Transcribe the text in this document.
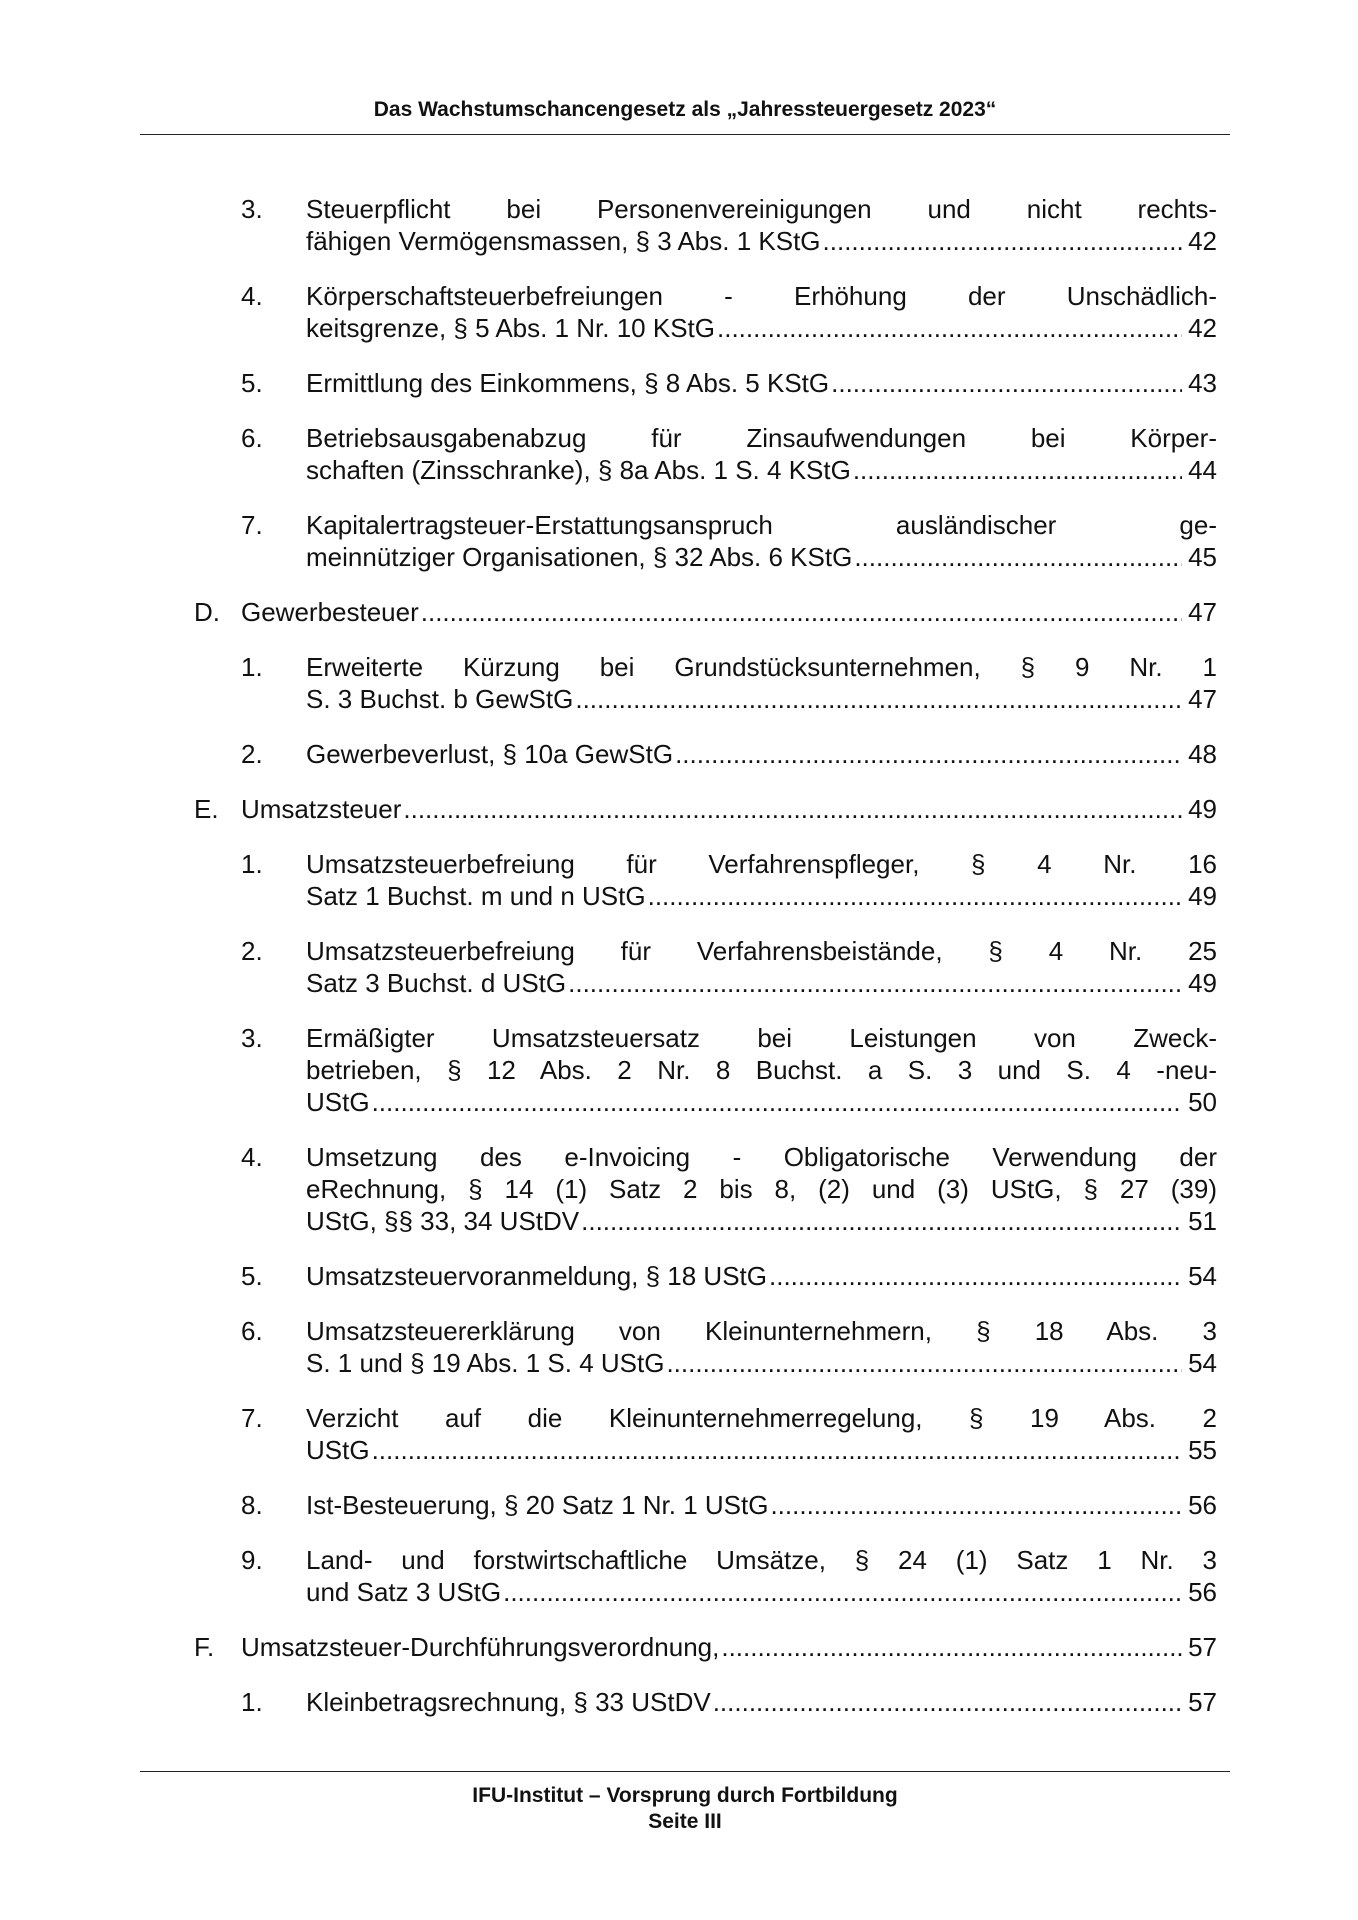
Das Wachstumschancengesetz als „Jahressteuergesetz 2023“
3. Steuerpflicht bei Personenvereinigungen und nicht rechts-
fähigen Vermögensmassen, § 3 Abs. 1 KStG .....	42
4. Körperschaftsteuerbefreiungen - Erhöhung der Unschädlich-
keitsgrenze, § 5 Abs. 1 Nr. 10 KStG .....	42
5. Ermittlung des Einkommens, § 8 Abs. 5 KStG .....	43
6. Betriebsausgabenabzug für Zinsaufwendungen bei Körper-
schaften (Zinsschranke), § 8a Abs. 1 S. 4 KStG .....	44
7. Kapitalertragsteuer-Erstattungsanspruch ausländischer ge-
meinnütziger Organisationen, § 32 Abs. 6 KStG .....	45
D. Gewerbesteuer .....	47
1. Erweiterte Kürzung bei Grundstücksunternehmen, § 9 Nr. 1
S. 3 Buchst. b GewStG .....	47
2. Gewerbeverlust, § 10a GewStG .....	48
E. Umsatzsteuer .....	49
1. Umsatzsteuerbefreiung für Verfahrenspfleger, § 4 Nr. 16
Satz 1 Buchst. m und n UStG .....	49
2. Umsatzsteuerbefreiung für Verfahrensbeistände, § 4 Nr. 25
Satz 3 Buchst. d UStG .....	49
3. Ermäßigter Umsatzsteuersatz bei Leistungen von Zweck-
betrieben, § 12 Abs. 2 Nr. 8 Buchst. a S. 3 und S. 4 -neu-
UStG .....	50
4. Umsetzung des e-Invoicing - Obligatorische Verwendung der
eRechnung, § 14 (1) Satz 2 bis 8, (2) und (3) UStG, § 27 (39)
UStG, §§ 33, 34 UStDV .....	51
5. Umsatzsteuervoranmeldung, § 18 UStG .....	54
6. Umsatzsteuererklärung von Kleinunternehmern, § 18 Abs. 3
S. 1 und § 19 Abs. 1 S. 4 UStG .....	54
7. Verzicht auf die Kleinunternehmerregelung, § 19 Abs. 2
UStG .....	55
8. Ist-Besteuerung, § 20 Satz 1 Nr. 1 UStG .....	56
9. Land- und forstwirtschaftliche Umsätze, § 24 (1) Satz 1 Nr. 3
und Satz 3 UStG .....	56
F. Umsatzsteuer-Durchführungsverordnung, .....	57
1. Kleinbetragsrechnung, § 33 UStDV .....	57
IFU-Institut – Vorsprung durch Fortbildung
Seite III
